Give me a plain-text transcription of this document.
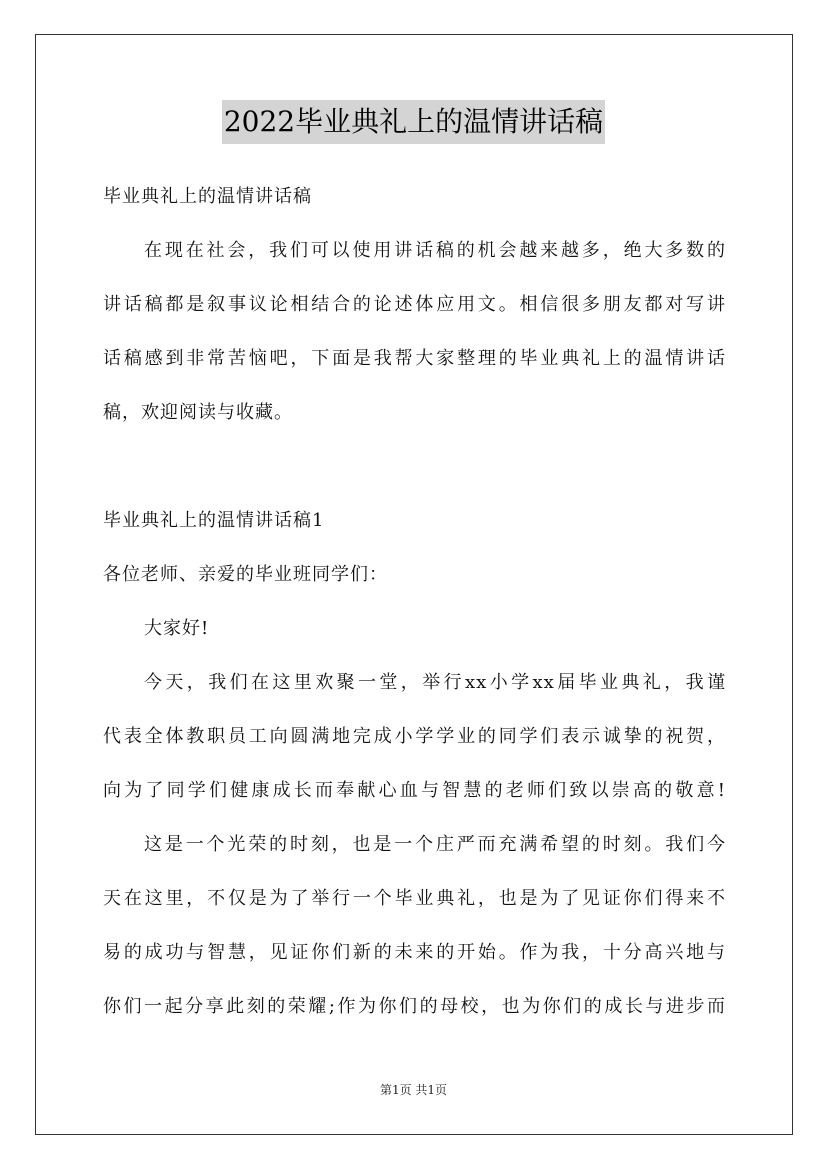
2022毕业典礼上的温情讲话稿
毕业典礼上的温情讲话稿
在现在社会，我们可以使用讲话稿的机会越来越多，绝大多数的
讲话稿都是叙事议论相结合的论述体应用文。相信很多朋友都对写讲
话稿感到非常苦恼吧，下面是我帮大家整理的毕业典礼上的温情讲话
稿，欢迎阅读与收藏。
毕业典礼上的温情讲话稿1
各位老师、亲爱的毕业班同学们：
大家好!
今天，我们在这里欢聚一堂，举行xx小学xx届毕业典礼，我谨
代表全体教职员工向圆满地完成小学学业的同学们表示诚挚的祝贺，
向为了同学们健康成长而奉献心血与智慧的老师们致以崇高的敬意!
这是一个光荣的时刻，也是一个庄严而充满希望的时刻。我们今
天在这里，不仅是为了举行一个毕业典礼，也是为了见证你们得来不
易的成功与智慧，见证你们新的未来的开始。作为我，十分高兴地与
你们一起分享此刻的荣耀;作为你们的母校，也为你们的成长与进步而
第1页 共1页
